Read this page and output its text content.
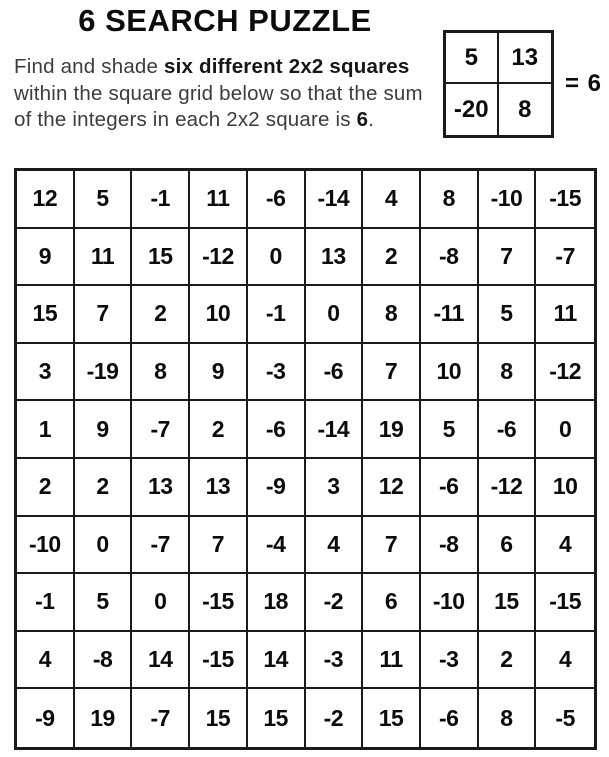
6 SEARCH PUZZLE

Find and shade six different 2x2 squares within the square grid below so that the sum of the integers in each 2x2 square is 6.

5	13
-20	8
= 6
12	5	-1	11	-6	-14	4	8	-10	-15
9	11	15	-12	0	13	2	-8	7	-7
15	7	2	10	-1	0	8	-11	5	11
3	-19	8	9	-3	-6	7	10	8	-12
1	9	-7	2	-6	-14	19	5	-6	0
2	2	13	13	-9	3	12	-6	-12	10
-10	0	-7	7	-4	4	7	-8	6	4
-1	5	0	-15	18	-2	6	-10	15	-15
4	-8	14	-15	14	-3	11	-3	2	4
-9	19	-7	15	15	-2	15	-6	8	-5
